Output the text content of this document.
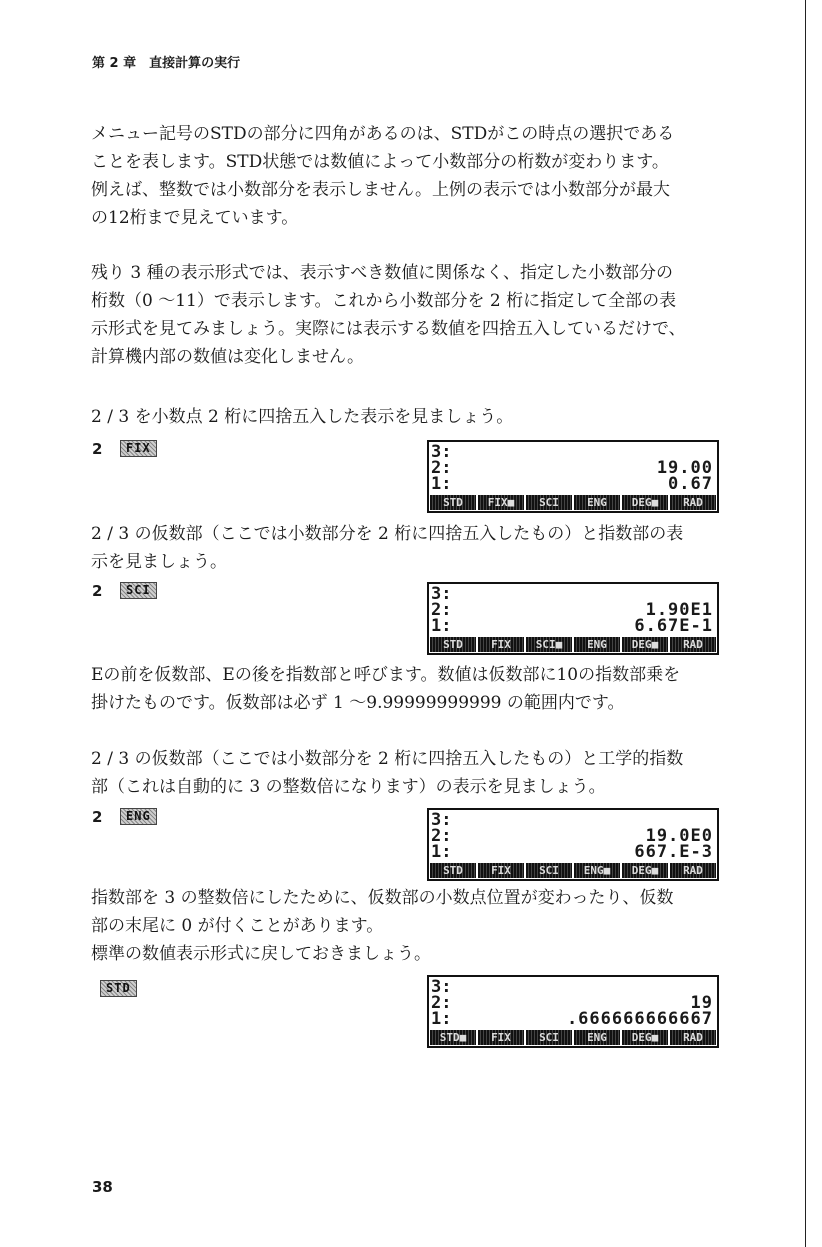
第 2 章　直接計算の実行
メニュー記号のSTDの部分に四角があるのは、STDがこの時点の選択である
ことを表します。STD状態では数値によって小数部分の桁数が変わります。
例えば、整数では小数部分を表示しません。上例の表示では小数部分が最大
の12桁まで見えています。
残り 3 種の表示形式では、表示すべき数値に関係なく、指定した小数部分の
桁数（0 ～11）で表示します。これから小数部分を 2 桁に指定して全部の表
示形式を見てみましょう。実際には表示する数値を四捨五入しているだけで、
計算機内部の数値は変化しません。
2 / 3 を小数点 2 桁に四捨五入した表示を見ましょう。
2	FIX	3:
2:	19.00
1:	0.67
STD	FIX■	SCI	ENG	DEG■	RAD
2 / 3 の仮数部（ここでは小数部分を 2 桁に四捨五入したもの）と指数部の表
示を見ましょう。
2	SCI	3:
2:	1.90E1
1:	6.67E-1
STD	FIX	SCI■	ENG	DEG■	RAD
Eの前を仮数部、Eの後を指数部と呼びます。数値は仮数部に10の指数部乗を
掛けたものです。仮数部は必ず 1 ～9.99999999999 の範囲内です。
2 / 3 の仮数部（ここでは小数部分を 2 桁に四捨五入したもの）と工学的指数
部（これは自動的に 3 の整数倍になります）の表示を見ましょう。
2	ENG	3:
2:	19.0E0
1:	667.E-3
STD	FIX	SCI	ENG■	DEG■	RAD
指数部を 3 の整数倍にしたために、仮数部の小数点位置が変わったり、仮数
部の末尾に 0 が付くことがあります。
標準の数値表示形式に戻しておきましょう。
STD	3:
2:	19
1:	.666666666667
STD■	FIX	SCI	ENG	DEG■	RAD
38
